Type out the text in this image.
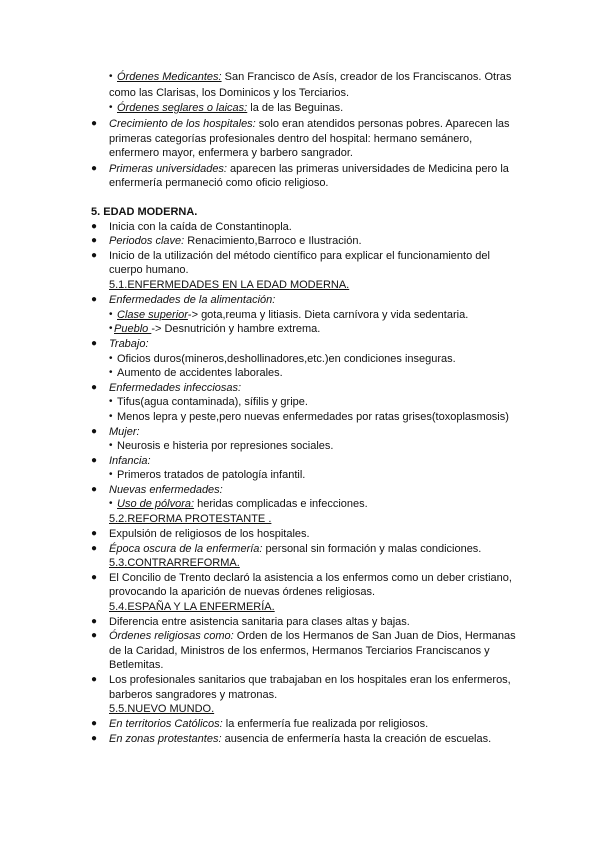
• Órdenes Medicantes: San Francisco de Asís, creador de los Franciscanos. Otras
como las Clarisas, los Dominicos y los Terciarios.
• Órdenes seglares o laicas: la de las Beguinas.
● Crecimiento de los hospitales: solo eran atendidos personas pobres. Aparecen las
primeras categorías profesionales dentro del hospital: hermano semánero,
enfermero mayor, enfermera y barbero sangrador.
● Primeras universidades: aparecen las primeras universidades de Medicina pero la
enfermería permaneció como oficio religioso.
5. EDAD MODERNA.
● Inicia con la caída de Constantinopla.
● Periodos clave: Renacimiento,Barroco e Ilustración.
● Inicio de la utilización del método científico para explicar el funcionamiento del
cuerpo humano.
5.1.ENFERMEDADES EN LA EDAD MODERNA.
● Enfermedades de la alimentación:
• Clase superior-> gota,reuma y litiasis. Dieta carnívora y vida sedentaria.
• Pueblo -> Desnutrición y hambre extrema.
● Trabajo:
• Oficios duros(mineros,deshollinadores,etc.)en condiciones inseguras.
• Aumento de accidentes laborales.
● Enfermedades infecciosas:
• Tifus(agua contaminada), sífilis y gripe.
• Menos lepra y peste,pero nuevas enfermedades por ratas grises(toxoplasmosis)
● Mujer:
• Neurosis e histeria por represiones sociales.
● Infancia:
• Primeros tratados de patología infantil.
● Nuevas enfermedades:
• Uso de pólvora: heridas complicadas e infecciones.
5.2.REFORMA PROTESTANTE .
● Expulsión de religiosos de los hospitales.
● Época oscura de la enfermería: personal sin formación y malas condiciones.
5.3.CONTRARREFORMA.
● El Concilio de Trento declaró la asistencia a los enfermos como un deber cristiano,
provocando la aparición de nuevas órdenes religiosas.
5.4.ESPAÑA Y LA ENFERMERÍA.
● Diferencia entre asistencia sanitaria para clases altas y bajas.
● Órdenes religiosas como: Orden de los Hermanos de San Juan de Dios, Hermanas
de la Caridad, Ministros de los enfermos, Hermanos Terciarios Franciscanos y
Betlemitas.
● Los profesionales sanitarios que trabajaban en los hospitales eran los enfermeros,
barberos sangradores y matronas.
5.5.NUEVO MUNDO.
● En territorios Católicos: la enfermería fue realizada por religiosos.
● En zonas protestantes: ausencia de enfermería hasta la creación de escuelas.
